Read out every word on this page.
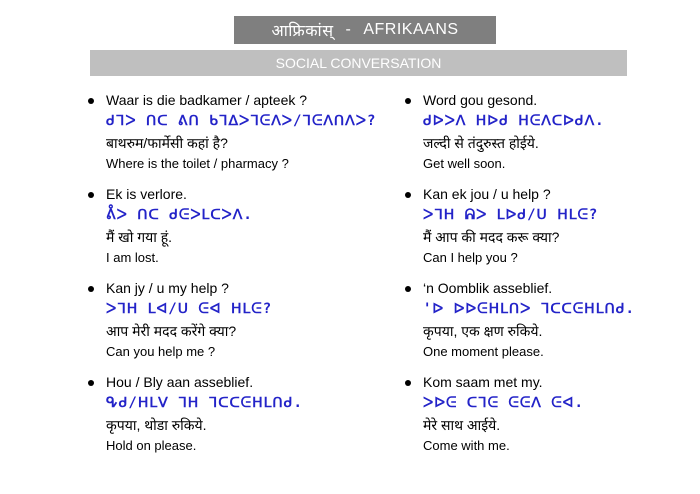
आफ्रिकांस् - AFRIKAANS
SOCIAL CONVERSATION
Waar is die badkamer / apteek ?
ᑯᒣᐳ ᑎᑕ ᕕᑎ ᑲᒣᐃᐳᒣᕮᐱᐳ/ᒣᕮᐱᑎᐱᐳ?
बाथरुम/फार्मेसी कहां है?
Where is the toilet / pharmacy ?
Ek is verlore.
ᕔᐳ ᑎᑕ ᑯᕮᐳᒪᑕᐳᐱ.
मैं खो गया हूं.
I am lost.
Kan jy / u my help ?
ᐳᒣᕼ ᒪᐊ/ᑌ ᕮᐊ ᕼᒪᕮ?
आप मेरी मदद करेंगे क्या?
Can you help me ?
Hou / Bly aan asseblief.
ᕴᑯ/ᕼᒪᐯ ᒣᕼ ᒣᑕᑕᕮᕼᒪᑎᑯ.
कृपया, थोडा रुकिये.
Hold on please.
Word gou gesond.
ᑯᐅᐳᐱ ᕼᐅᑯ ᕼᕮᐱᑕᐅᑯᐱ.
जल्दी से तंदुरुस्त होईये.
Get well soon.
Kan ek jou / u help ?
ᐳᒣᕼ ᕱᐳ ᒪᐅᑯ/ᑌ ᕼᒪᕮ?
मैं आप की मदद करू क्या?
Can I help you ?
‘n Oomblik asseblief.
'ᐅ ᐅᐅᕮᕼᒪᑎᐳ ᒣᑕᑕᕮᕼᒪᑎᑯ.
कृपया, एक क्षण रुकिये.
One moment please.
Kom saam met my.
ᐳᐅᕮ ᑕᒣᕮ ᕮᕮᐱ ᕮᐊ.
मेरे साथ आईये.
Come with me.
